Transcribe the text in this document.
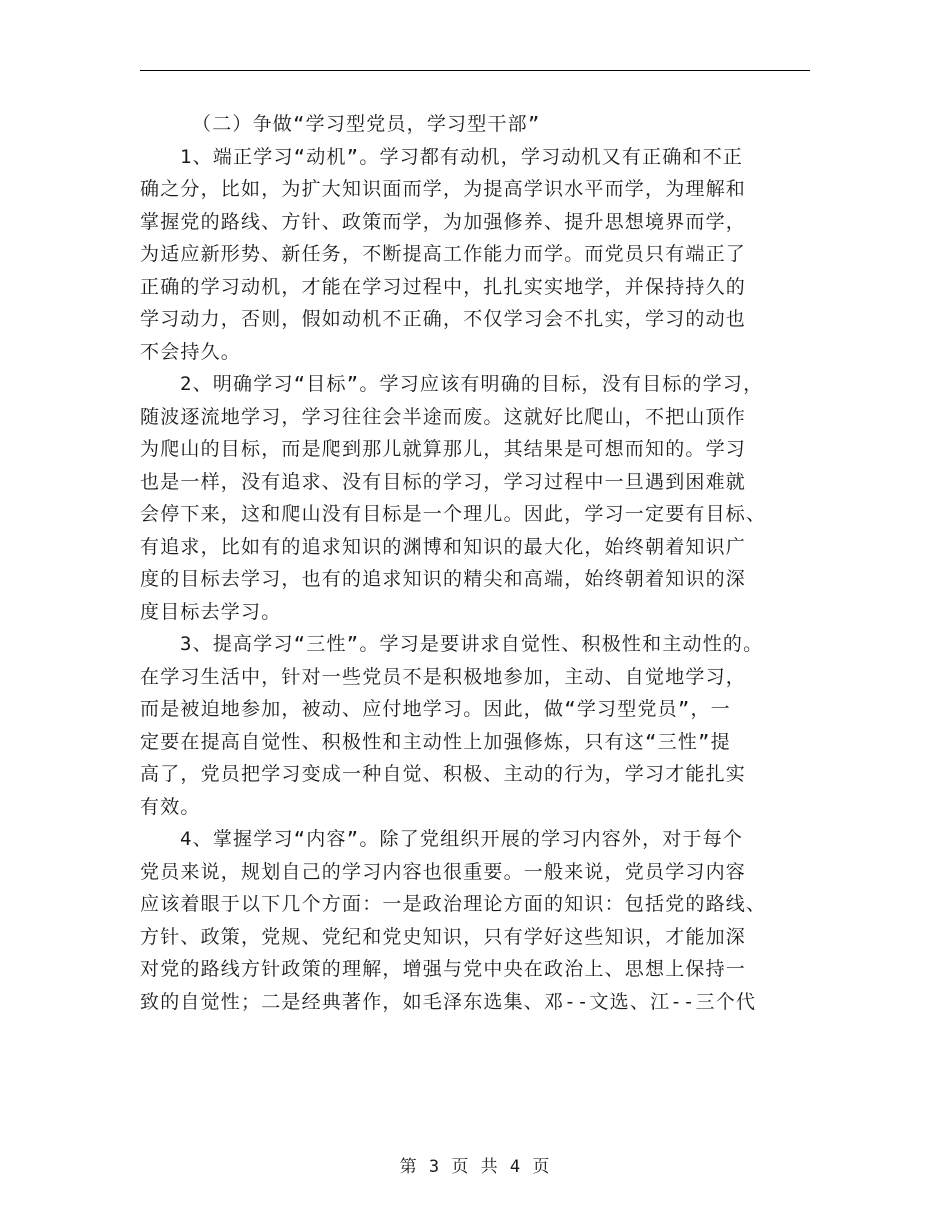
（二）争做“学习型党员，学习型干部”
1、端正学习“动机”。学习都有动机，学习动机又有正确和不正
确之分，比如，为扩大知识面而学，为提高学识水平而学，为理解和
掌握党的路线、方针、政策而学，为加强修养、提升思想境界而学，
为适应新形势、新任务，不断提高工作能力而学。而党员只有端正了
正确的学习动机，才能在学习过程中，扎扎实实地学，并保持持久的
学习动力，否则，假如动机不正确，不仅学习会不扎实，学习的动也
不会持久。
2、明确学习“目标”。学习应该有明确的目标，没有目标的学习，
随波逐流地学习，学习往往会半途而废。这就好比爬山，不把山顶作
为爬山的目标，而是爬到那儿就算那儿，其结果是可想而知的。学习
也是一样，没有追求、没有目标的学习，学习过程中一旦遇到困难就
会停下来，这和爬山没有目标是一个理儿。因此，学习一定要有目标、
有追求，比如有的追求知识的渊博和知识的最大化，始终朝着知识广
度的目标去学习，也有的追求知识的精尖和高端，始终朝着知识的深
度目标去学习。
3、提高学习“三性”。学习是要讲求自觉性、积极性和主动性的。
在学习生活中，针对一些党员不是积极地参加，主动、自觉地学习，
而是被迫地参加，被动、应付地学习。因此，做“学习型党员”，一
定要在提高自觉性、积极性和主动性上加强修炼，只有这“三性”提
高了，党员把学习变成一种自觉、积极、主动的行为，学习才能扎实
有效。
4、掌握学习“内容”。除了党组织开展的学习内容外，对于每个
党员来说，规划自己的学习内容也很重要。一般来说，党员学习内容
应该着眼于以下几个方面：一是政治理论方面的知识：包括党的路线、
方针、政策，党规、党纪和党史知识，只有学好这些知识，才能加深
对党的路线方针政策的理解，增强与党中央在政治上、思想上保持一
致的自觉性；二是经典著作，如毛泽东选集、邓--文选、江--三个代
第 3 页 共 4 页
